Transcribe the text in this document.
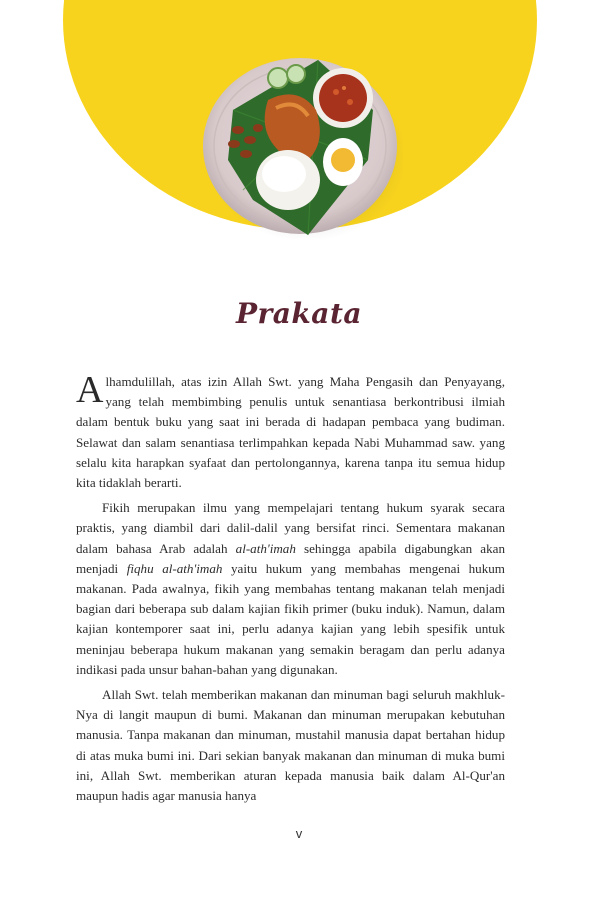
Prakata

Alhamdulillah, atas izin Allah Swt. yang Maha Pengasih dan Penyayang, yang telah membimbing penulis untuk senantiasa berkontribusi ilmiah dalam bentuk buku yang saat ini berada di hadapan pembaca yang budiman. Selawat dan salam senantiasa terlimpahkan kepada Nabi Muhammad saw. yang selalu kita harapkan syafaat dan pertolongannya, karena tanpa itu semua hidup kita tidaklah berarti.

Fikih merupakan ilmu yang mempelajari tentang hukum syarak secara praktis, yang diambil dari dalil-dalil yang bersifat rinci. Sementara makanan dalam bahasa Arab adalah al-ath'imah sehingga apabila digabungkan akan menjadi fiqhu al-ath'imah yaitu hukum yang membahas mengenai hukum makanan. Pada awalnya, fikih yang membahas tentang makanan telah menjadi bagian dari beberapa sub dalam kajian fikih primer (buku induk). Namun, dalam kajian kontemporer saat ini, perlu adanya kajian yang lebih spesifik untuk meninjau beberapa hukum makanan yang semakin beragam dan perlu adanya indikasi pada unsur bahan-bahan yang digunakan.

Allah Swt. telah memberikan makanan dan minuman bagi seluruh makhluk-Nya di langit maupun di bumi. Makanan dan minuman merupakan kebutuhan manusia. Tanpa makanan dan minuman, mustahil manusia dapat bertahan hidup di atas muka bumi ini. Dari sekian banyak makanan dan minuman di muka bumi ini, Allah Swt. memberikan aturan kepada manusia baik dalam Al-Qur'an maupun hadis agar manusia hanya

v
